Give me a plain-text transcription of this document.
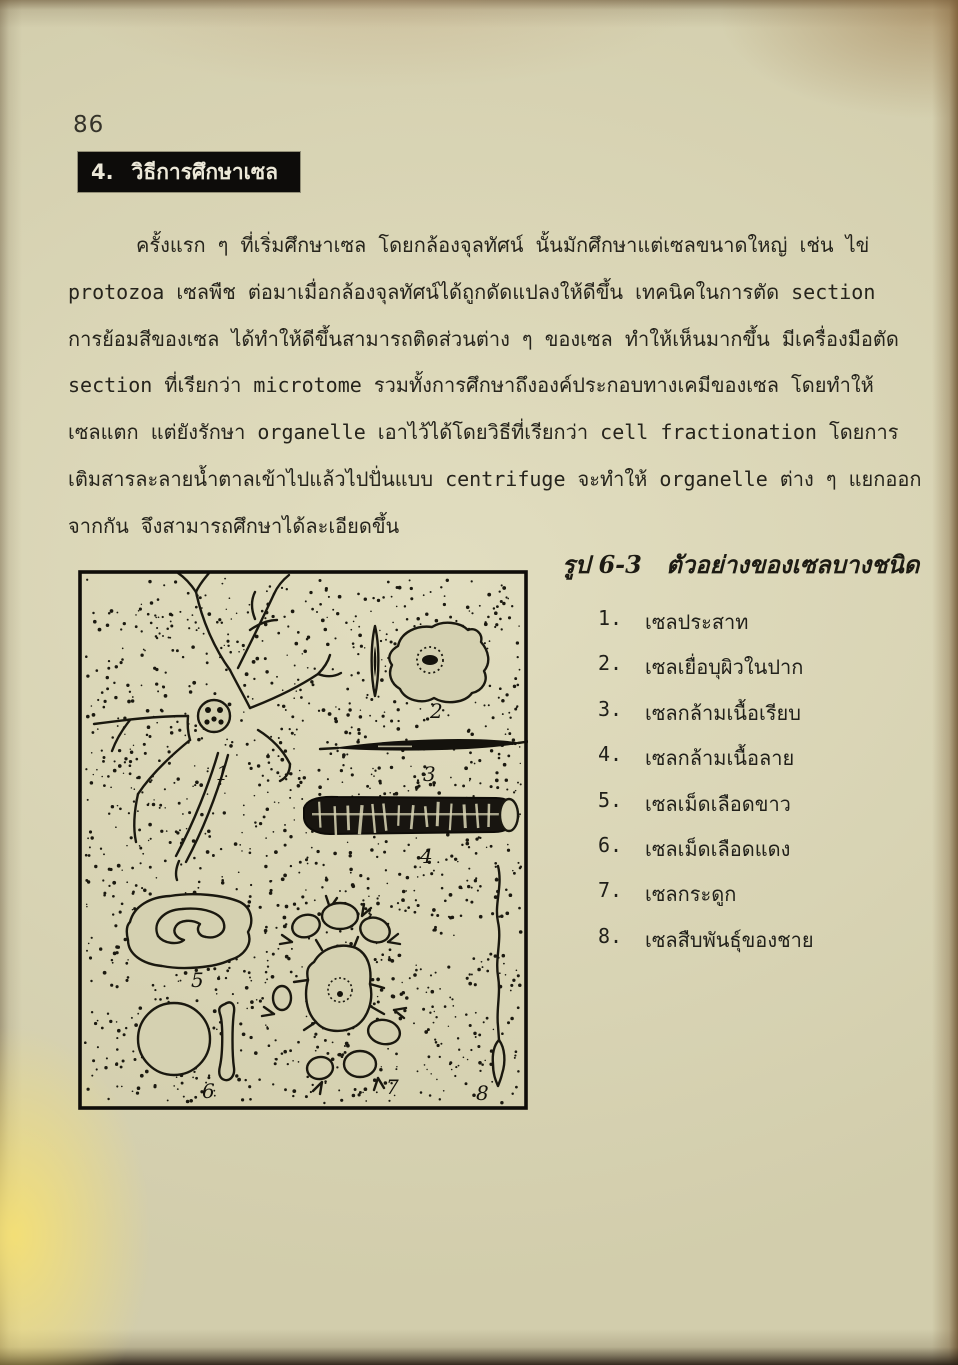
86
4. วิธีการศึกษาเซล
ครั้งแรก ๆ ที่เริ่มศึกษาเซล โดยกล้องจุลทัศน์ นั้นมักศึกษาแต่เซลขนาดใหญ่ เช่น ไข่
protozoa เซลพืช ต่อมาเมื่อกล้องจุลทัศน์ได้ถูกดัดแปลงให้ดีขึ้น เทคนิคในการตัด section
การย้อมสีของเซล ได้ทำให้ดีขึ้นสามารถติดส่วนต่าง ๆ ของเซล ทำให้เห็นมากขึ้น มีเครื่องมือตัด
section ที่เรียกว่า microtome รวมทั้งการศึกษาถึงองค์ประกอบทางเคมีของเซล โดยทำให้
เซลแตก แต่ยังรักษา organelle เอาไว้ได้โดยวิธีที่เรียกว่า cell fractionation โดยการ
เติมสารละลายน้ำตาลเข้าไปแล้วไปปั่นแบบ centrifuge จะทำให้ organelle ต่าง ๆ แยกออก
จากกัน จึงสามารถศึกษาได้ละเอียดขึ้น
รูป 6-3 ตัวอย่างของเซลบางชนิด
1.	เซลประสาท
2.	เซลเยื่อบุผิวในปาก
3.	เซลกล้ามเนื้อเรียบ
4.	เซลกล้ามเนื้อลาย
5.	เซลเม็ดเลือดขาว
6.	เซลเม็ดเลือดแดง
7.	เซลกระดูก
8.	เซลสืบพันธุ์ของชาย
1
2
3
4
5
6	7	8
